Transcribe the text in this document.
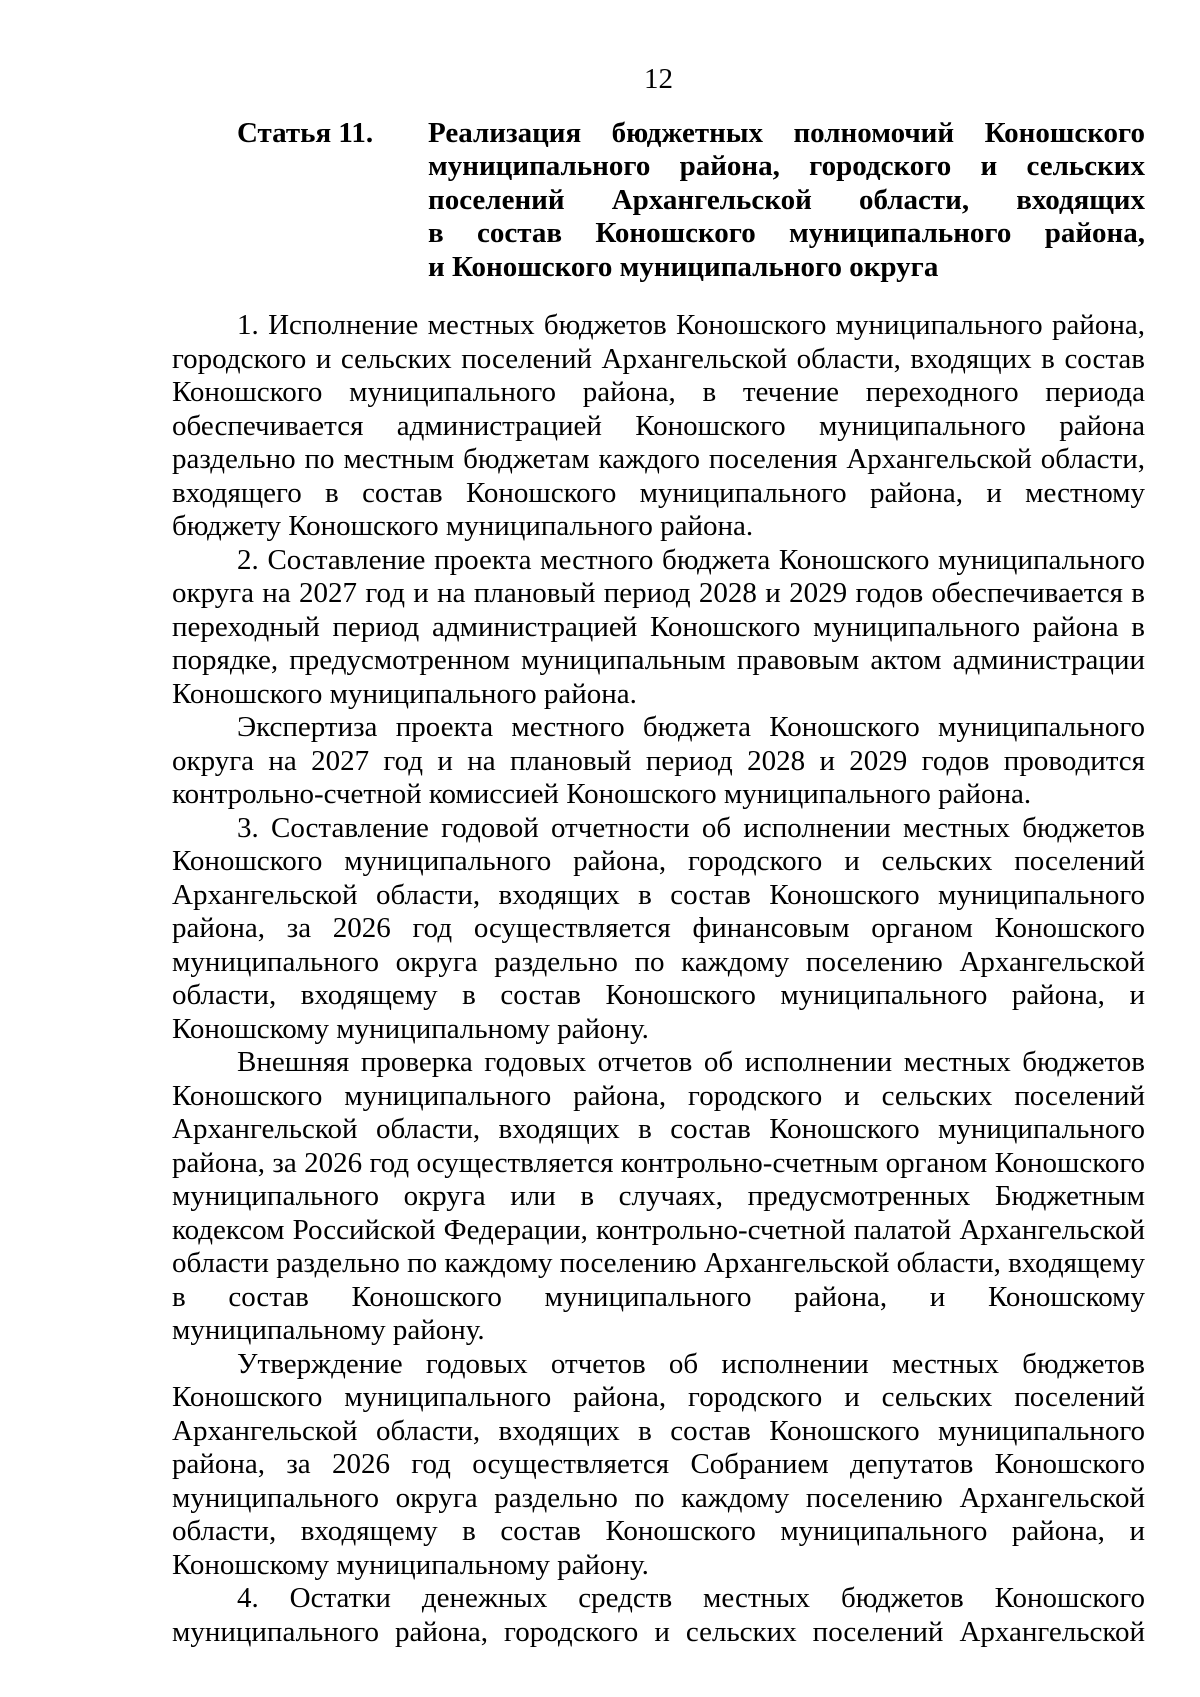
12
Статья 11.	Реализация бюджетных полномочий Коношского
муниципального района, городского и сельских
поселений Архангельской области, входящих
в состав Коношского муниципального района,
и Коношского муниципального округа

1. Исполнение местных бюджетов Коношского муниципального района, городского и сельских поселений Архангельской области, входящих в состав Коношского муниципального района, в течение переходного периода обеспечивается администрацией Коношского муниципального района раздельно по местным бюджетам каждого поселения Архангельской области, входящего в состав Коношского муниципального района, и местному бюджету Коношского муниципального района.

2. Составление проекта местного бюджета Коношского муниципального округа на 2027 год и на плановый период 2028 и 2029 годов обеспечивается в переходный период администрацией Коношского муниципального района в порядке, предусмотренном муниципальным правовым актом администрации Коношского муниципального района.

Экспертиза проекта местного бюджета Коношского муниципального округа на 2027 год и на плановый период 2028 и 2029 годов проводится контрольно-счетной комиссией Коношского муниципального района.

3. Составление годовой отчетности об исполнении местных бюджетов Коношского муниципального района, городского и сельских поселений Архангельской области, входящих в состав Коношского муниципального района, за 2026 год осуществляется финансовым органом Коношского муниципального округа раздельно по каждому поселению Архангельской области, входящему в состав Коношского муниципального района, и Коношскому муниципальному району.

Внешняя проверка годовых отчетов об исполнении местных бюджетов Коношского муниципального района, городского и сельских поселений Архангельской области, входящих в состав Коношского муниципального района, за 2026 год осуществляется контрольно-счетным органом Коношского муниципального округа или в случаях, предусмотренных Бюджетным кодексом Российской Федерации, контрольно-счетной палатой Архангельской области раздельно по каждому поселению Архангельской области, входящему в состав Коношского муниципального района, и Коношскому муниципальному району.

Утверждение годовых отчетов об исполнении местных бюджетов Коношского муниципального района, городского и сельских поселений Архангельской области, входящих в состав Коношского муниципального района, за 2026 год осуществляется Собранием депутатов Коношского муниципального округа раздельно по каждому поселению Архангельской области, входящему в состав Коношского муниципального района, и Коношскому муниципальному району.

4. Остатки денежных средств местных бюджетов Коношского муниципального района, городского и сельских поселений Архангельской
